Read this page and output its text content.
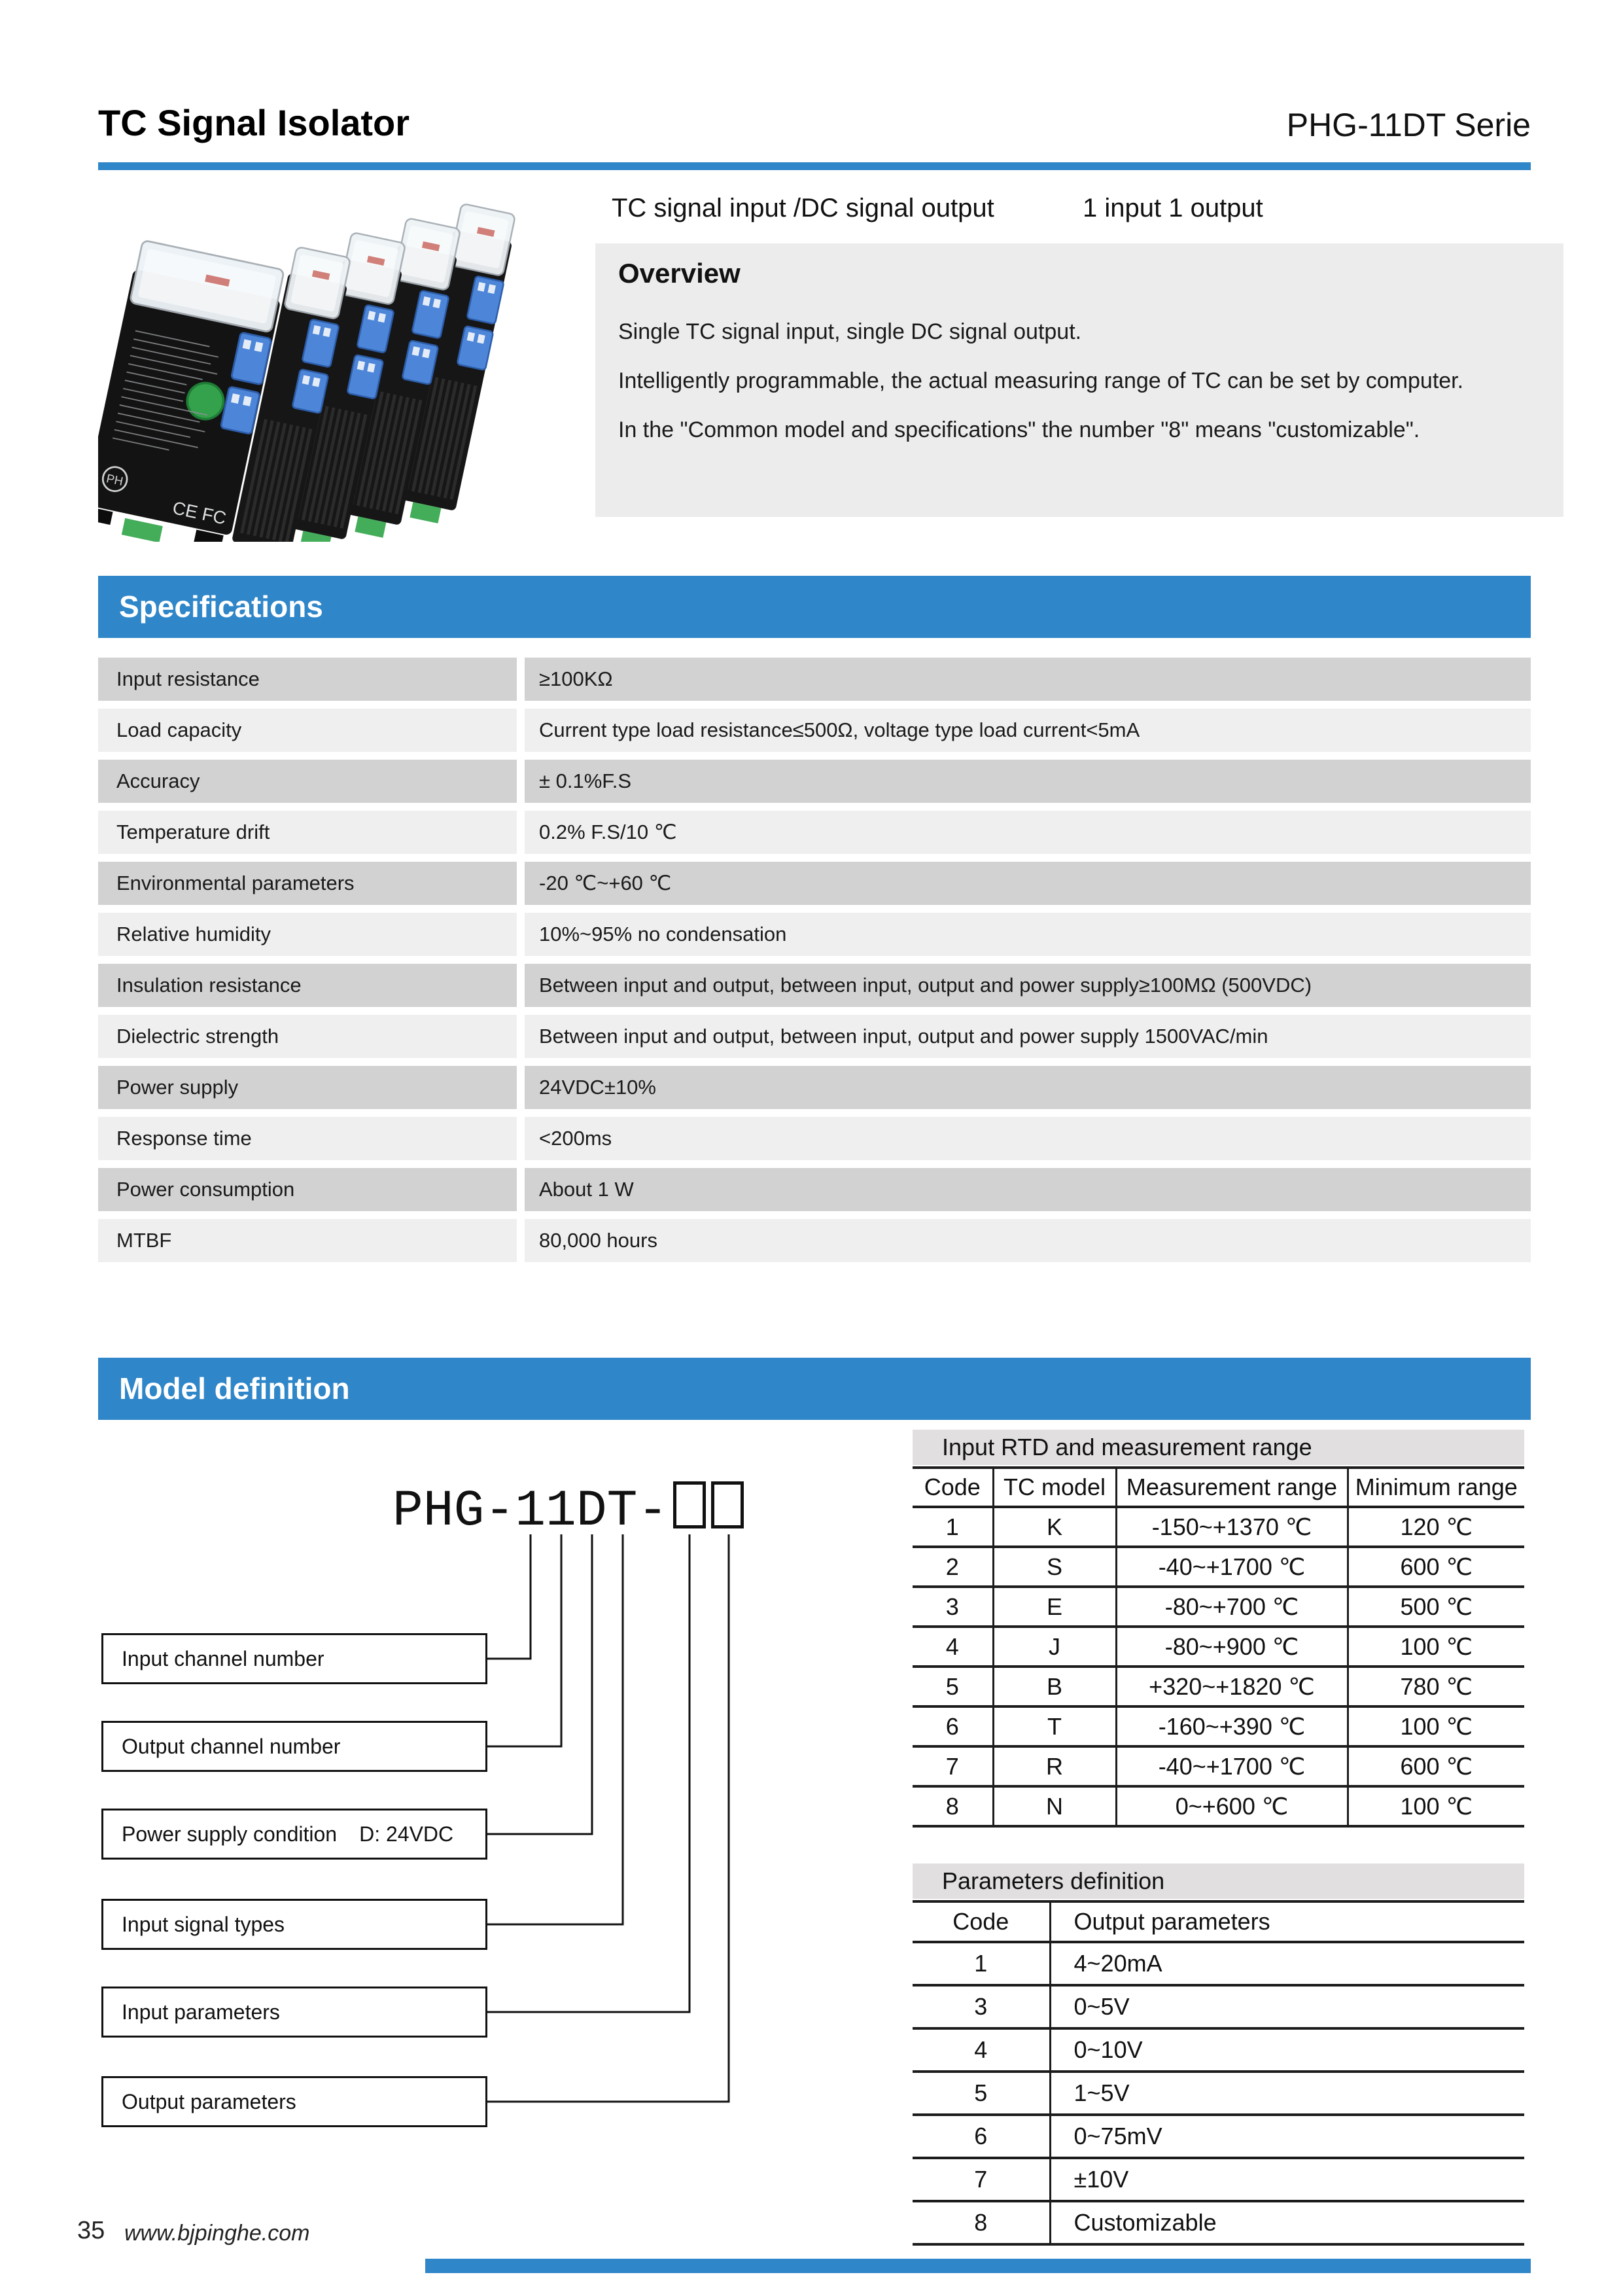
TC Signal Isolator	PHG-11DT Serie
PH
CE FC
TC signal input /DC signal output	1 input 1 output
Overview
Single TC signal input, single DC signal output.
Intelligently programmable, the actual measuring range of TC can be set by computer.
In the "Common model and specifications" the number "8" means "customizable".
Specifications
Input resistance	≥100KΩ
Load capacity	Current type load resistance≤500Ω, voltage type load current<5mA
Accuracy	± 0.1%F.S
Temperature drift	0.2% F.S/10 ℃
Environmental parameters	-20 ℃~+60 ℃
Relative humidity	10%~95% no condensation
Insulation resistance	Between input and output, between input, output and power supply≥100MΩ (500VDC)
Dielectric strength	Between input and output, between input, output and power supply 1500VAC/min
Power supply	24VDC±10%
Response time	<200ms
Power consumption	About 1 W
MTBF	80,000 hours
Model definition
PHG-11DT-
Input channel number
Output channel number
Power supply condition D: 24VDC
Input signal types
Input parameters
Output parameters
Input RTD and measurement range
Code	TC model	Measurement range	Minimum range
1	K	-150~+1370 ℃	120 ℃
2	S	-40~+1700 ℃	600 ℃
3	E	-80~+700 ℃	500 ℃
4	J	-80~+900 ℃	100 ℃
5	B	+320~+1820 ℃	780 ℃
6	T	-160~+390 ℃	100 ℃
7	R	-40~+1700 ℃	600 ℃
8	N	0~+600 ℃	100 ℃
Parameters definition
Code	Output parameters
1	4~20mA
3	0~5V
4	0~10V
5	1~5V
6	0~75mV
7	±10V
8	Customizable
35 www.bjpinghe.com
